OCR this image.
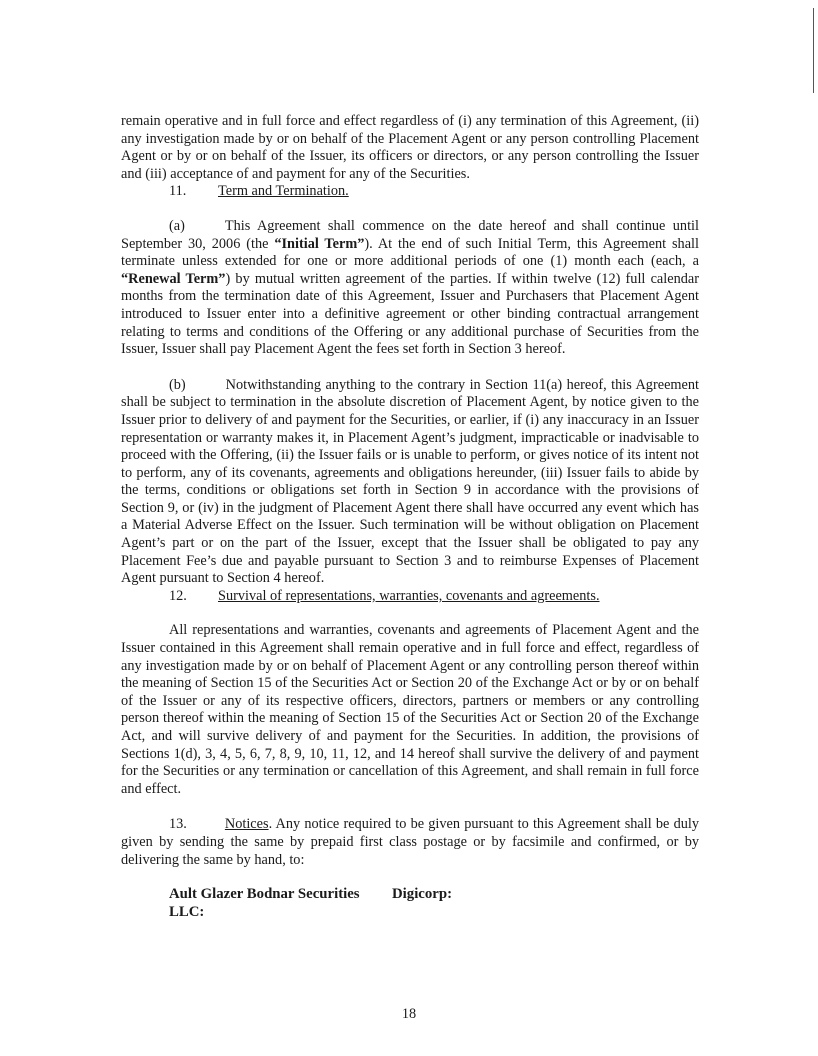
remain operative and in full force and effect regardless of (i) any termination of this Agreement, (ii) any investigation made by or on behalf of the Placement Agent or any person controlling Placement Agent or by or on behalf of the Issuer, its officers or directors, or any person controlling the Issuer and (iii) acceptance of and payment for any of the Securities.

11.	Term and Termination.

(a)	This Agreement shall commence on the date hereof and shall continue until September 30, 2006 (the “Initial Term”). At the end of such Initial Term, this Agreement shall terminate unless extended for one or more additional periods of one (1) month each (each, a “Renewal Term”) by mutual written agreement of the parties. If within twelve (12) full calendar months from the termination date of this Agreement, Issuer and Purchasers that Placement Agent introduced to Issuer enter into a definitive agreement or other binding contractual arrangement relating to terms and conditions of the Offering or any additional purchase of Securities from the Issuer, Issuer shall pay Placement Agent the fees set forth in Section 3 hereof.

(b)	Notwithstanding anything to the contrary in Section 11(a) hereof, this Agreement shall be subject to termination in the absolute discretion of Placement Agent, by notice given to the Issuer prior to delivery of and payment for the Securities, or earlier, if (i) any inaccuracy in an Issuer representation or warranty makes it, in Placement Agent’s judgment, impracticable or inadvisable to proceed with the Offering, (ii) the Issuer fails or is unable to perform, or gives notice of its intent not to perform, any of its covenants, agreements and obligations hereunder, (iii) Issuer fails to abide by the terms, conditions or obligations set forth in Section 9 in accordance with the provisions of Section 9, or (iv) in the judgment of Placement Agent there shall have occurred any event which has a Material Adverse Effect on the Issuer. Such termination will be without obligation on Placement Agent’s part or on the part of the Issuer, except that the Issuer shall be obligated to pay any Placement Fee’s due and payable pursuant to Section 3 and to reimburse Expenses of Placement Agent pursuant to Section 4 hereof.

12.	Survival of representations, warranties, covenants and agreements.

All representations and warranties, covenants and agreements of Placement Agent and the Issuer contained in this Agreement shall remain operative and in full force and effect, regardless of any investigation made by or on behalf of Placement Agent or any controlling person thereof within the meaning of Section 15 of the Securities Act or Section 20 of the Exchange Act or by or on behalf of the Issuer or any of its respective officers, directors, partners or members or any controlling person thereof within the meaning of Section 15 of the Securities Act or Section 20 of the Exchange Act, and will survive delivery of and payment for the Securities. In addition, the provisions of Sections 1(d), 3, 4, 5, 6, 7, 8, 9, 10, 11, 12, and 14 hereof shall survive the delivery of and payment for the Securities or any termination or cancellation of this Agreement, and shall remain in full force and effect.

13.	Notices. Any notice required to be given pursuant to this Agreement shall be duly given by sending the same by prepaid first class postage or by facsimile and confirmed, or by delivering the same by hand, to:

Ault Glazer Bodnar Securities LLC:
Digicorp:
18
